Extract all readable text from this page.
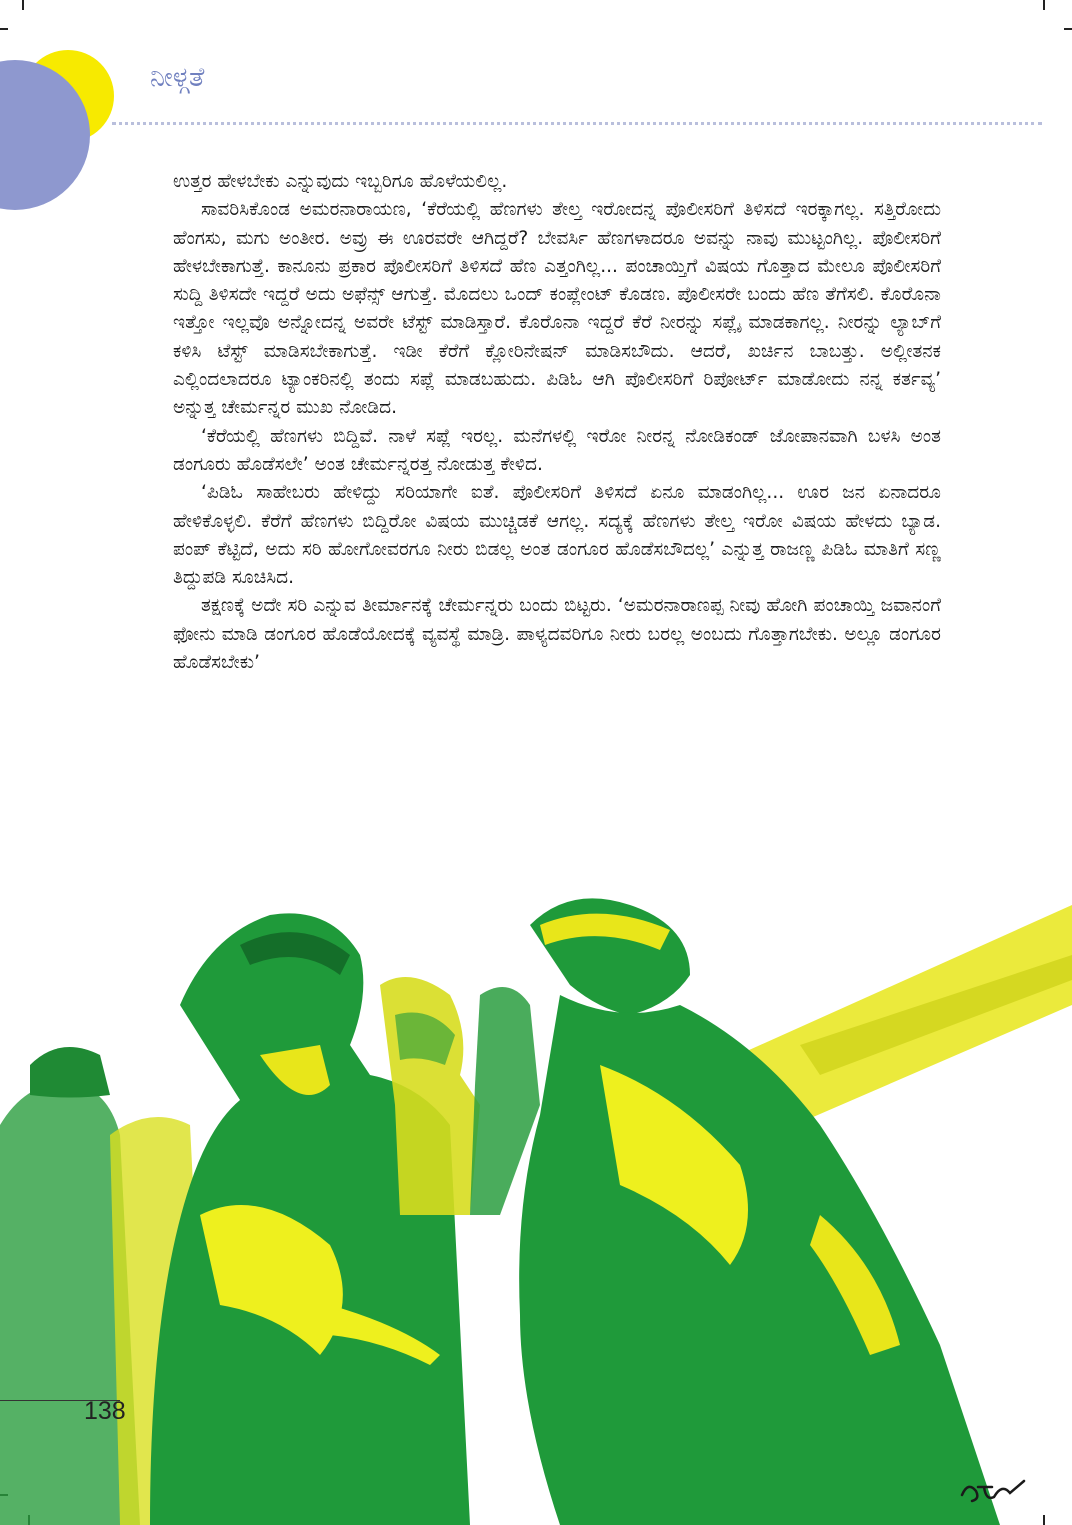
ನೀಳ್ಗತೆ

ಉತ್ತರ ಹೇಳಬೇಕು ಎನ್ನುವುದು ಇಬ್ಬರಿಗೂ ಹೊಳೆಯಲಿಲ್ಲ.

ಸಾವರಿಸಿಕೊಂಡ ಅಮರನಾರಾಯಣ, ‘ಕೆರೆಯಲ್ಲಿ ಹೆಣಗಳು ತೇಲ್ತ ಇರೋದನ್ನ ಪೊಲೀಸರಿಗೆ ತಿಳಿಸದೆ ಇರಕ್ಕಾಗಲ್ಲ. ಸತ್ತಿರೋದು ಹೆಂಗಸು, ಮಗು ಅಂತೀರ. ಅವ್ರು ಈ ಊರವರೇ ಆಗಿದ್ದರೆ? ಬೇವರ್ಸಿ ಹೆಣಗಳಾದರೂ ಅವನ್ನು ನಾವು ಮುಟ್ಟಂಗಿಲ್ಲ. ಪೊಲೀಸರಿಗೆ ಹೇಳಬೇಕಾಗುತ್ತೆ. ಕಾನೂನು ಪ್ರಕಾರ ಪೊಲೀಸರಿಗೆ ತಿಳಿಸದೆ ಹೆಣ ಎತ್ತಂಗಿಲ್ಲ... ಪಂಚಾಯ್ತಿಗೆ ವಿಷಯ ಗೊತ್ತಾದ ಮೇಲೂ ಪೊಲೀಸರಿಗೆ ಸುದ್ದಿ ತಿಳಿಸದೇ ಇದ್ದರೆ ಅದು ಅಫೆನ್ಸ್ ಆಗುತ್ತೆ. ಮೊದಲು ಒಂದ್ ಕಂಪ್ಲೇಂಟ್ ಕೊಡಣ. ಪೊಲೀಸರೇ ಬಂದು ಹೆಣ ತೆಗೆಸಲಿ. ಕೊರೊನಾ ಇತ್ತೋ ಇಲ್ಲವೊ ಅನ್ನೋದನ್ನ ಅವರೇ ಟೆಸ್ಟ್ ಮಾಡಿಸ್ತಾರೆ. ಕೊರೊನಾ ಇದ್ದರೆ ಕೆರೆ ನೀರನ್ನು ಸಪ್ಲೈ ಮಾಡಕಾಗಲ್ಲ. ನೀರನ್ನು ಲ್ಯಾಬ್‌ಗೆ ಕಳಿಸಿ ಟೆಸ್ಟ್ ಮಾಡಿಸಬೇಕಾಗುತ್ತೆ. ಇಡೀ ಕೆರೆಗೆ ಕ್ಲೋರಿನೇಷನ್ ಮಾಡಿಸಬೌದು. ಆದರೆ, ಖರ್ಚಿನ ಬಾಬತ್ತು. ಅಲ್ಲೀತನಕ ಎಲ್ಲಿಂದಲಾದರೂ ಟ್ಯಾಂಕರಿನಲ್ಲಿ ತಂದು ಸಪ್ಲೆ ಮಾಡಬಹುದು. ಪಿಡಿಓ ಆಗಿ ಪೊಲೀಸರಿಗೆ ರಿಪೋರ್ಟ್ ಮಾಡೋದು ನನ್ನ ಕರ್ತವ್ಯ’ ಅನ್ನುತ್ತ ಚೇರ್ಮನ್ನರ ಮುಖ ನೋಡಿದ.

‘ಕೆರೆಯಲ್ಲಿ ಹೆಣಗಳು ಬಿದ್ದಿವೆ. ನಾಳೆ ಸಪ್ಲೆ ಇರಲ್ಲ. ಮನೆಗಳಲ್ಲಿ ಇರೋ ನೀರನ್ನ ನೋಡಿಕಂಡ್ ಜೋಪಾನವಾಗಿ ಬಳಸಿ ಅಂತ ಡಂಗೂರು ಹೊಡೆಸಲೇ’ ಅಂತ ಚೇರ್ಮನ್ನರತ್ತ ನೋಡುತ್ತ ಕೇಳಿದ.

‘ಪಿಡಿಓ ಸಾಹೇಬರು ಹೇಳಿದ್ದು ಸರಿಯಾಗೇ ಐತೆ. ಪೊಲೀಸರಿಗೆ ತಿಳಿಸದೆ ಏನೂ ಮಾಡಂಗಿಲ್ಲ... ಊರ ಜನ ಏನಾದರೂ ಹೇಳಿಕೊಳ್ಳಲಿ. ಕೆರೆಗೆ ಹೆಣಗಳು ಬಿದ್ದಿರೋ ವಿಷಯ ಮುಚ್ಚಿಡಕೆ ಆಗಲ್ಲ. ಸದ್ಯಕ್ಕೆ ಹೆಣಗಳು ತೇಲ್ತ ಇರೋ ವಿಷಯ ಹೇಳದು ಬ್ಯಾಡ. ಪಂಪ್ ಕೆಟ್ಟಿದೆ, ಅದು ಸರಿ ಹೋಗೋವರಗೂ ನೀರು ಬಿಡಲ್ಲ ಅಂತ ಡಂಗೂರ ಹೊಡೆಸಬೌದಲ್ಲ’ ಎನ್ನುತ್ತ ರಾಜಣ್ಣ ಪಿಡಿಓ ಮಾತಿಗೆ ಸಣ್ಣ ತಿದ್ದುಪಡಿ ಸೂಚಿಸಿದ.

ತಕ್ಷಣಕ್ಕೆ ಅದೇ ಸರಿ ಎನ್ನುವ ತೀರ್ಮಾನಕ್ಕೆ ಚೇರ್ಮನ್ನರು ಬಂದು ಬಿಟ್ಟರು. ‘ಅಮರನಾರಾಣಪ್ಪ ನೀವು ಹೋಗಿ ಪಂಚಾಯ್ತಿ ಜವಾನಂಗೆ ಫೋನು ಮಾಡಿ ಡಂಗೂರ ಹೊಡೆಯೋದಕ್ಕೆ ವ್ಯವಸ್ಥೆ ಮಾಡ್ರಿ. ಪಾಳ್ಯದವರಿಗೂ ನೀರು ಬರಲ್ಲ ಅಂಬದು ಗೊತ್ತಾಗಬೇಕು. ಅಲ್ಲೂ ಡಂಗೂರ ಹೊಡೆಸಬೇಕು’

138
